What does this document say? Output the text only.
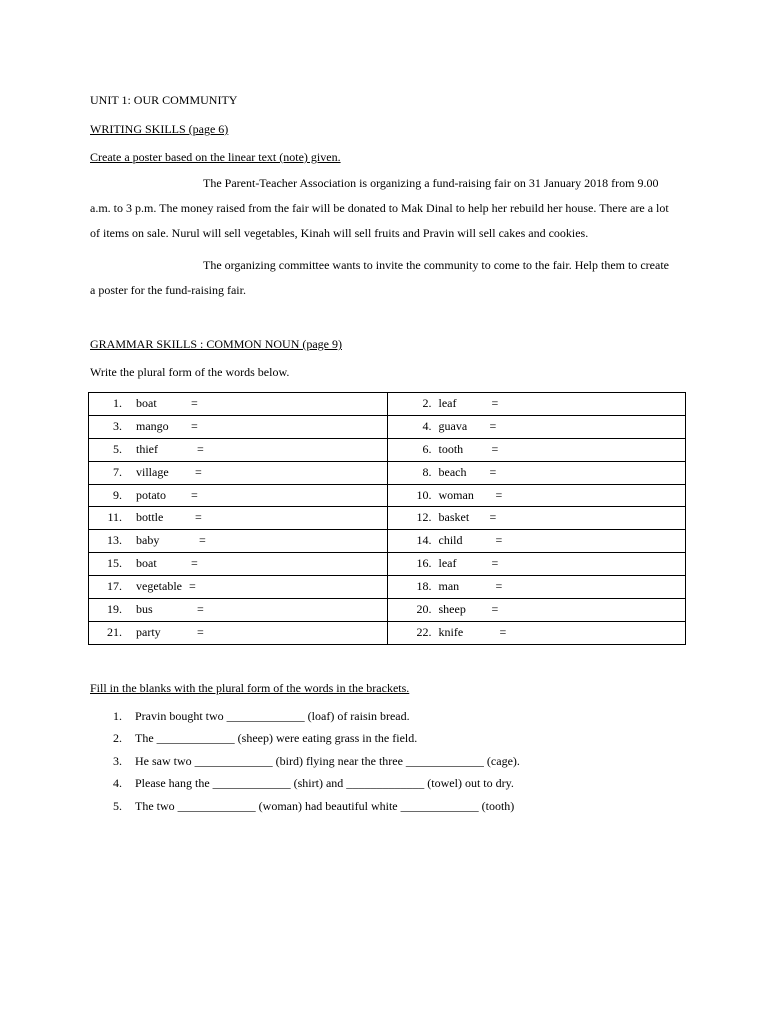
UNIT 1: OUR COMMUNITY
WRITING SKILLS (page 6)
Create a poster based on the linear text (note) given.
The Parent-Teacher Association is organizing a fund-raising fair on 31 January 2018 from 9.00 a.m. to 3 p.m. The money raised from the fair will be donated to Mak Dinal to help her rebuild her house. There are a lot of items on sale. Nurul will sell vegetables, Kinah will sell fruits and Pravin will sell cakes and cookies.
The organizing committee wants to invite the community to come to the fair. Help them to create a poster for the fund-raising fair.
GRAMMAR SKILLS : COMMON NOUN (page 9)
Write the plural form of the words below.
1. boat =	2. leaf =

3. mango =	4. guava =

5. thief =	6. tooth =

7. village =	8. beach =

9. potato =	10. woman =

11. bottle =	12. basket =

13. baby =	14. child =

15. boat =	16. leaf =

17. vegetable =	18. man =

19. bus =	20. sheep =

21. party =	22. knife =
Fill in the blanks with the plural form of the words in the brackets.
1. Pravin bought two _____________ (loaf) of raisin bread.
2. The _____________ (sheep) were eating grass in the field.
3. He saw two _____________ (bird) flying near the three _____________ (cage).
4. Please hang the _____________ (shirt) and _____________ (towel) out to dry.
5. The two _____________ (woman) had beautiful white _____________ (tooth)
